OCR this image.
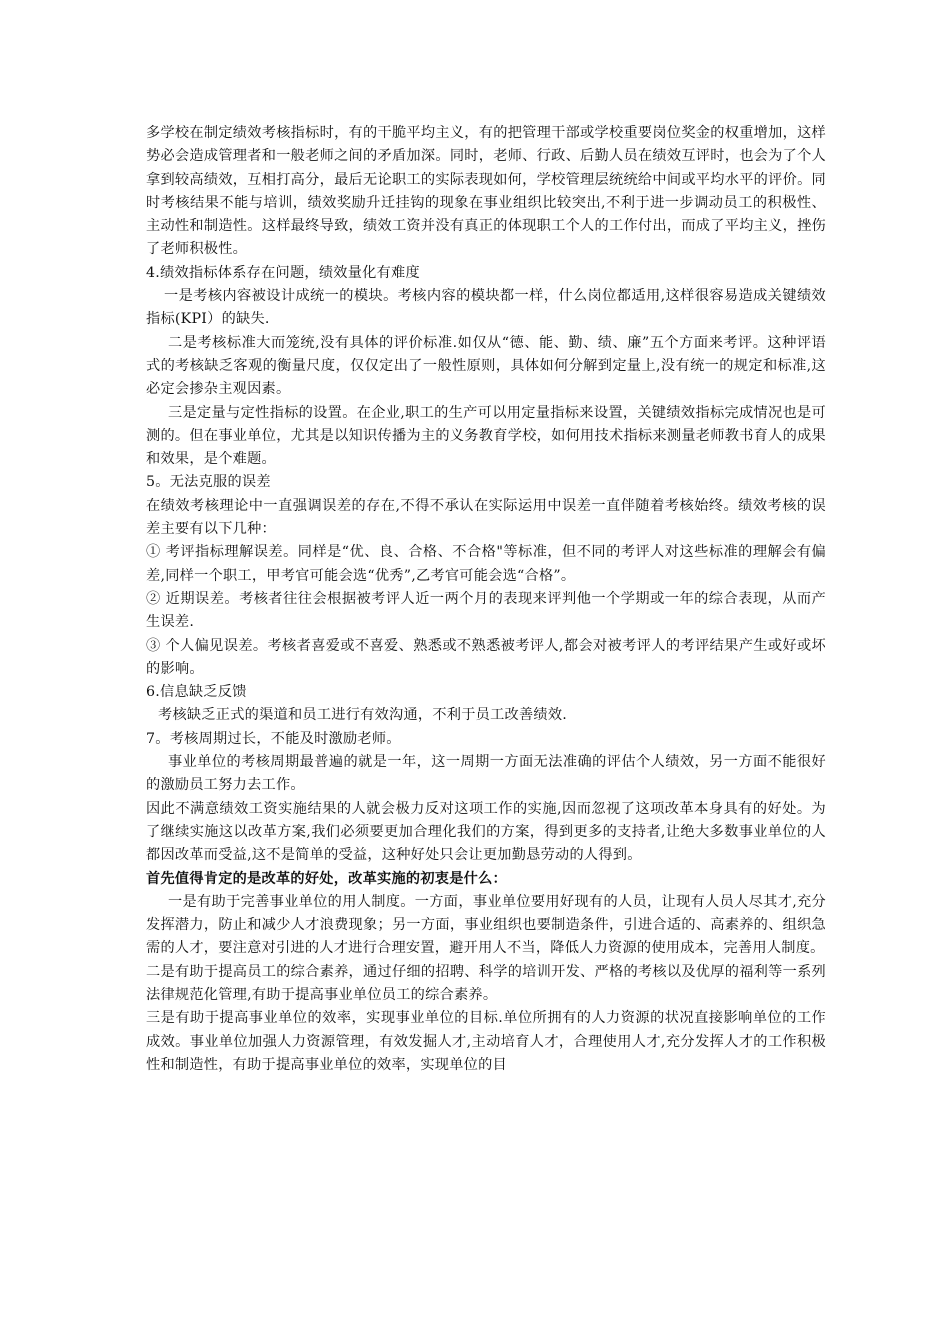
多学校在制定绩效考核指标时，有的干脆平均主义，有的把管理干部或学校重要岗位奖金的权重增加，这样势必会造成管理者和一般老师之间的矛盾加深。同时，老师、行政、后勤人员在绩效互评时，也会为了个人拿到较高绩效，互相打高分，最后无论职工的实际表现如何，学校管理层统统给中间或平均水平的评价。同时考核结果不能与培训，绩效奖励升迁挂钩的现象在事业组织比较突出,不利于进一步调动员工的积极性、主动性和制造性。这样最终导致，绩效工资并没有真正的体现职工个人的工作付出，而成了平均主义，挫伤了老师积极性。

4.绩效指标体系存在问题，绩效量化有难度

一是考核内容被设计成统一的模块。考核内容的模块都一样，什么岗位都适用,这样很容易造成关键绩效指标(KPI）的缺失.

二是考核标准大而笼统,没有具体的评价标准.如仅从“德、能、勤、绩、廉”五个方面来考评。这种评语式的考核缺乏客观的衡量尺度，仅仅定出了一般性原则，具体如何分解到定量上,没有统一的规定和标准,这必定会掺杂主观因素。

三是定量与定性指标的设置。在企业,职工的生产可以用定量指标来设置，关键绩效指标完成情况也是可测的。但在事业单位，尤其是以知识传播为主的义务教育学校，如何用技术指标来测量老师教书育人的成果和效果，是个难题。

5。无法克服的误差

在绩效考核理论中一直强调误差的存在,不得不承认在实际运用中误差一直伴随着考核始终。绩效考核的误差主要有以下几种：

① 考评指标理解误差。同样是“优、良、合格、不合格"等标准，但不同的考评人对这些标准的理解会有偏差,同样一个职工，甲考官可能会选“优秀”,乙考官可能会选“合格”。

② 近期误差。考核者往往会根据被考评人近一两个月的表现来评判他一个学期或一年的综合表现，从而产生误差.

③ 个人偏见误差。考核者喜爱或不喜爱、熟悉或不熟悉被考评人,都会对被考评人的考评结果产生或好或坏的影响。

6.信息缺乏反馈

考核缺乏正式的渠道和员工进行有效沟通，不利于员工改善绩效.

7。考核周期过长，不能及时激励老师。

事业单位的考核周期最普遍的就是一年，这一周期一方面无法准确的评估个人绩效，另一方面不能很好的激励员工努力去工作。

因此不满意绩效工资实施结果的人就会极力反对这项工作的实施,因而忽视了这项改革本身具有的好处。为了继续实施这以改革方案,我们必须要更加合理化我们的方案，得到更多的支持者,让绝大多数事业单位的人都因改革而受益,这不是简单的受益，这种好处只会让更加勤恳劳动的人得到。

首先值得肯定的是改革的好处，改革实施的初衷是什么：

一是有助于完善事业单位的用人制度。一方面，事业单位要用好现有的人员，让现有人员人尽其才,充分发挥潜力，防止和减少人才浪费现象；另一方面，事业组织也要制造条件，引进合适的、高素养的、组织急需的人才，要注意对引进的人才进行合理安置，避开用人不当，降低人力资源的使用成本，完善用人制度。

二是有助于提高员工的综合素养，通过仔细的招聘、科学的培训开发、严格的考核以及优厚的福利等一系列法律规范化管理,有助于提高事业单位员工的综合素养。

三是有助于提高事业单位的效率，实现事业单位的目标.单位所拥有的人力资源的状况直接影响单位的工作成效。事业单位加强人力资源管理，有效发掘人才,主动培育人才，合理使用人才,充分发挥人才的工作积极性和制造性，有助于提高事业单位的效率，实现单位的目
